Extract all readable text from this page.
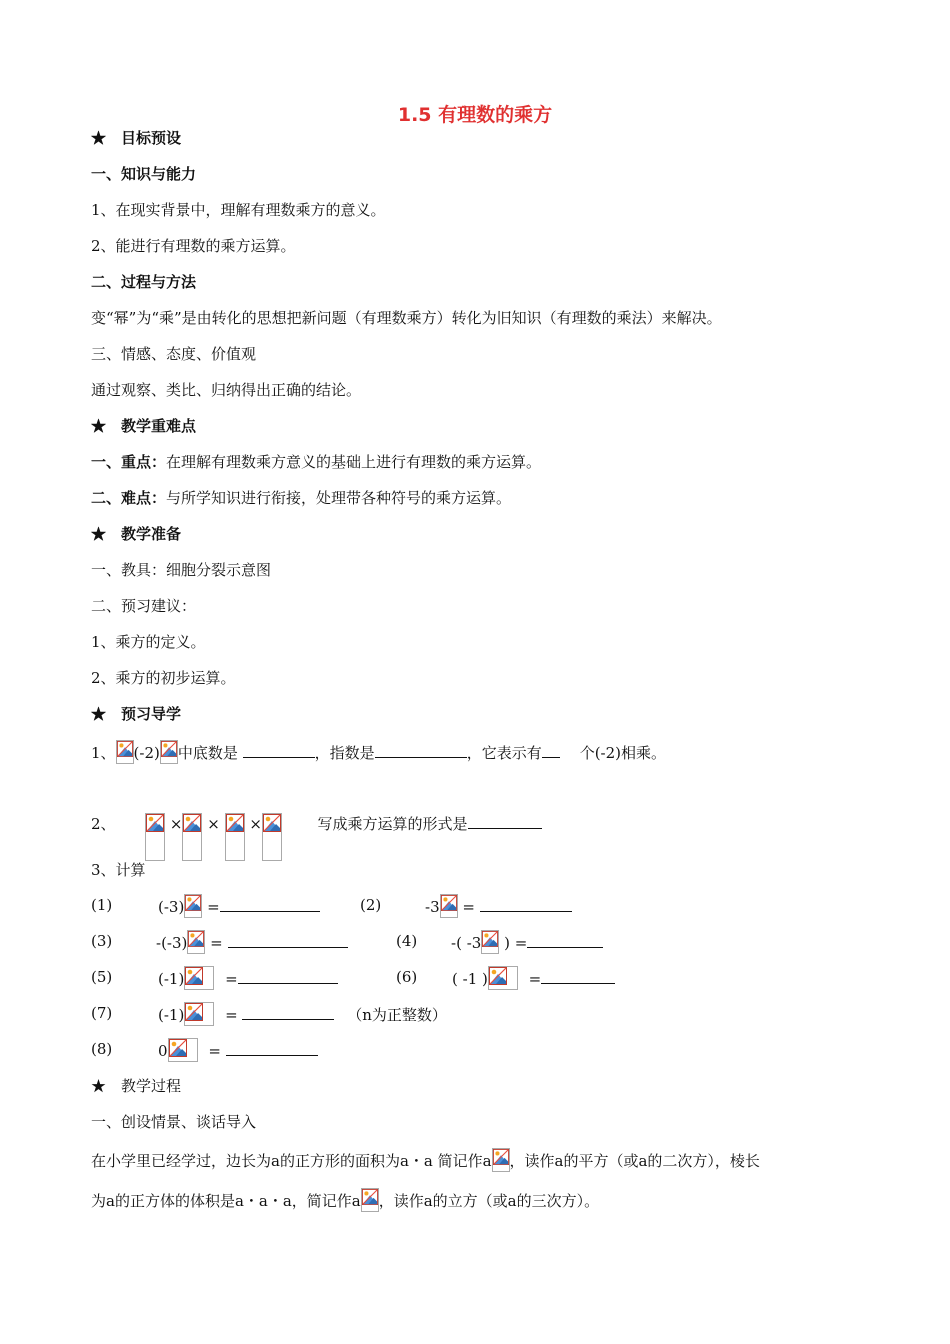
1.5 有理数的乘方
★　目标预设
一、知识与能力
1、在现实背景中，理解有理数乘方的意义。
2、能进行有理数的乘方运算。
二、过程与方法
变“幂”为“乘”是由转化的思想把新问题（有理数乘方）转化为旧知识（有理数的乘法）来解决。
三、情感、态度、价值观
通过观察、类比、归纳得出正确的结论。
★　教学重难点
一、重点：在理解有理数乘方意义的基础上进行有理数的乘方运算。
二、难点：与所学知识进行衔接，处理带各种符号的乘方运算。
★　教学准备
一、教具：细胞分裂示意图
二、预习建议：
1、乘方的定义。
2、乘方的初步运算。
★　预习导学
1、 (-2) 中底数是	，指数是	，它表示有	个(-2)相乘。
2、	× × ×	写成乘方运算的形式是
3、计算
(1)	(-3) =	(2)	-3 =
(3)	-(-3) =	(4) -( -3 ) =
(5)	(-1)	=	(6) ( -1 )	=
(7)	(-1)	=	（n为正整数）
(8)	0	=
★　教学过程
一、创设情景、谈话导入
在小学里已经学过，边长为a的正方形的面积为a・a 简记作a ，读作a的平方（或a的二次方），棱长
为a的正方体的体积是a・a・a，简记作a ，读作a的立方（或a的三次方）。
